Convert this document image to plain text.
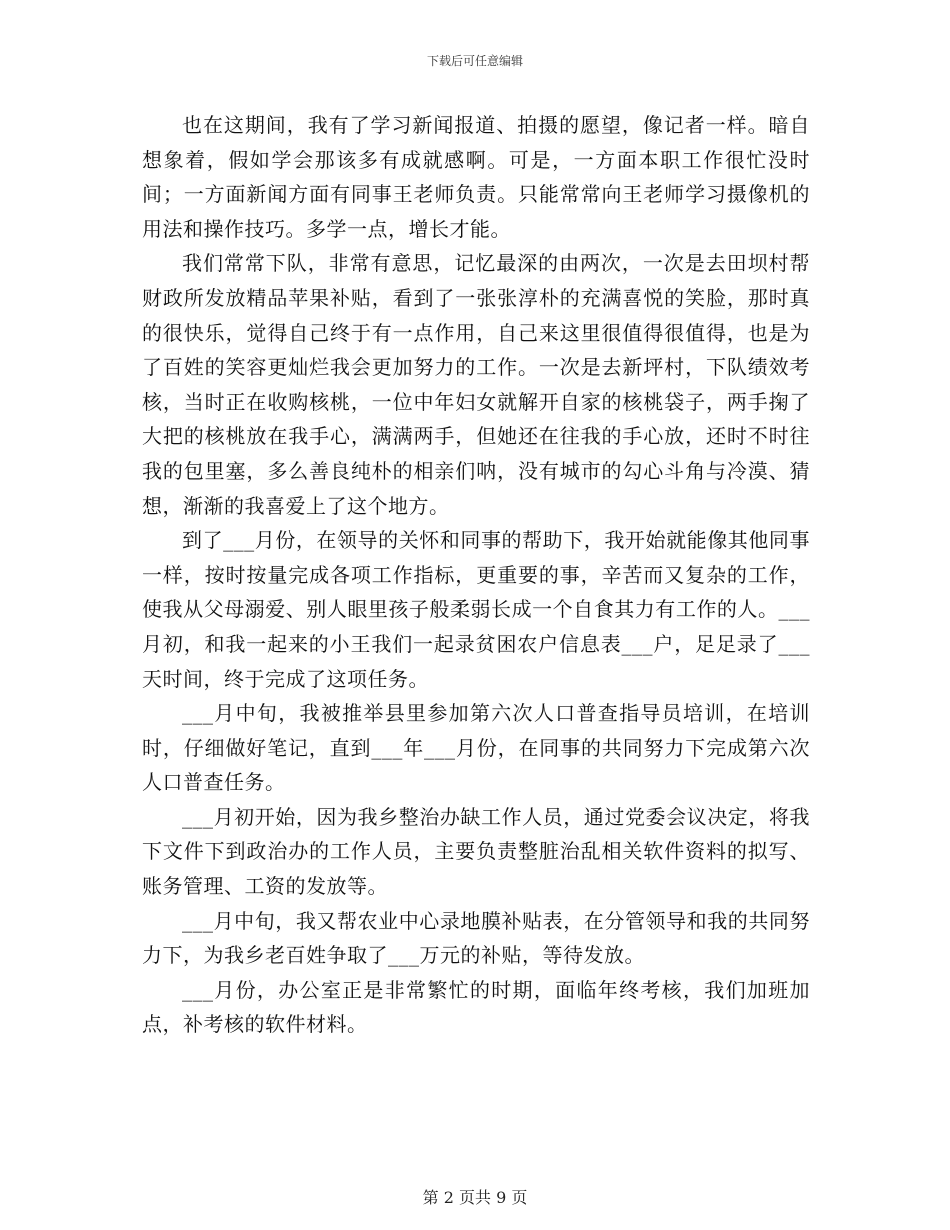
下载后可任意编辑

也在这期间，我有了学习新闻报道、拍摄的愿望，像记者一样。暗自想象着，假如学会那该多有成就感啊。可是，一方面本职工作很忙没时间；一方面新闻方面有同事王老师负责。只能常常向王老师学习摄像机的用法和操作技巧。多学一点，增长才能。

我们常常下队，非常有意思，记忆最深的由两次，一次是去田坝村帮财政所发放精品苹果补贴，看到了一张张淳朴的充满喜悦的笑脸，那时真的很快乐，觉得自己终于有一点作用，自己来这里很值得很值得，也是为了百姓的笑容更灿烂我会更加努力的工作。一次是去新坪村，下队绩效考核，当时正在收购核桃，一位中年妇女就解开自家的核桃袋子，两手掬了大把的核桃放在我手心，满满两手，但她还在往我的手心放，还时不时往我的包里塞，多么善良纯朴的相亲们呐，没有城市的勾心斗角与冷漠、猜想，渐渐的我喜爱上了这个地方。

到了___月份，在领导的关怀和同事的帮助下，我开始就能像其他同事一样，按时按量完成各项工作指标，更重要的事，辛苦而又复杂的工作，使我从父母溺爱、别人眼里孩子般柔弱长成一个自食其力有工作的人。___月初，和我一起来的小王我们一起录贫困农户信息表___户，足足录了___天时间，终于完成了这项任务。

___月中旬，我被推举县里参加第六次人口普查指导员培训，在培训时，仔细做好笔记，直到___年___月份，在同事的共同努力下完成第六次人口普查任务。

___月初开始，因为我乡整治办缺工作人员，通过党委会议决定，将我下文件下到政治办的工作人员，主要负责整脏治乱相关软件资料的拟写、账务管理、工资的发放等。

___月中旬，我又帮农业中心录地膜补贴表，在分管领导和我的共同努力下，为我乡老百姓争取了___万元的补贴，等待发放。

___月份，办公室正是非常繁忙的时期，面临年终考核，我们加班加点，补考核的软件材料。

第 2 页共 9 页
